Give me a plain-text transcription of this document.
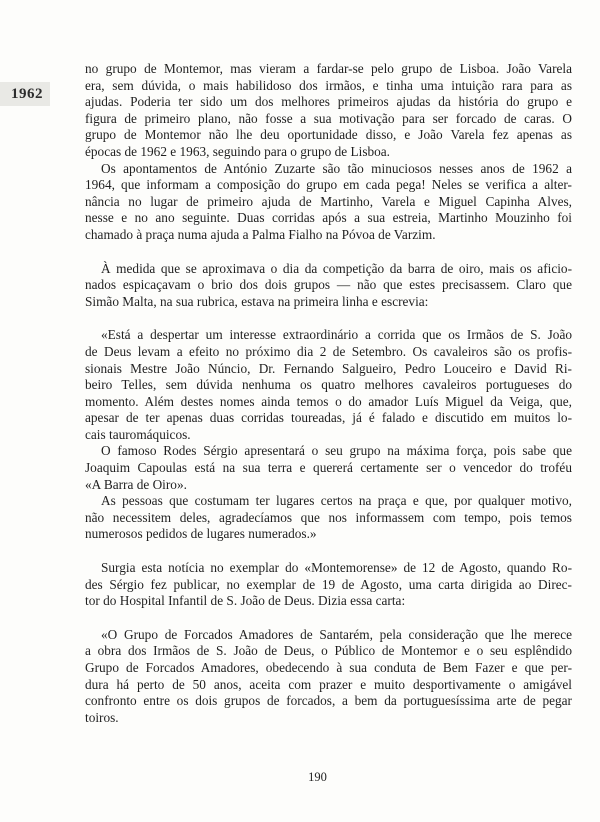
1962

no grupo de Montemor, mas vieram a fardar-se pelo grupo de Lisboa. João Varela
era, sem dúvida, o mais habilidoso dos irmãos, e tinha uma intuição rara para as
ajudas. Poderia ter sido um dos melhores primeiros ajudas da história do grupo e
figura de primeiro plano, não fosse a sua motivação para ser forcado de caras. O
grupo de Montemor não lhe deu oportunidade disso, e João Varela fez apenas as
épocas de 1962 e 1963, seguindo para o grupo de Lisboa.

Os apontamentos de António Zuzarte são tão minuciosos nesses anos de 1962 a
1964, que informam a composição do grupo em cada pega! Neles se verifica a alter-
nância no lugar de primeiro ajuda de Martinho, Varela e Miguel Capinha Alves,
nesse e no ano seguinte. Duas corridas após a sua estreia, Martinho Mouzinho foi
chamado à praça numa ajuda a Palma Fialho na Póvoa de Varzim.

À medida que se aproximava o dia da competição da barra de oiro, mais os aficio-
nados espicaçavam o brio dos dois grupos — não que estes precisassem. Claro que
Simão Malta, na sua rubrica, estava na primeira linha e escrevia:

«Está a despertar um interesse extraordinário a corrida que os Irmãos de S. João
de Deus levam a efeito no próximo dia 2 de Setembro. Os cavaleiros são os profis-
sionais Mestre João Núncio, Dr. Fernando Salgueiro, Pedro Louceiro e David Ri-
beiro Telles, sem dúvida nenhuma os quatro melhores cavaleiros portugueses do
momento. Além destes nomes ainda temos o do amador Luís Miguel da Veiga, que,
apesar de ter apenas duas corridas toureadas, já é falado e discutido em muitos lo-
cais tauromáquicos.

O famoso Rodes Sérgio apresentará o seu grupo na máxima força, pois sabe que
Joaquim Capoulas está na sua terra e quererá certamente ser o vencedor do troféu
«A Barra de Oiro».

As pessoas que costumam ter lugares certos na praça e que, por qualquer motivo,
não necessitem deles, agradecíamos que nos informassem com tempo, pois temos
numerosos pedidos de lugares numerados.»

Surgia esta notícia no exemplar do «Montemorense» de 12 de Agosto, quando Ro-
des Sérgio fez publicar, no exemplar de 19 de Agosto, uma carta dirigida ao Direc-
tor do Hospital Infantil de S. João de Deus. Dizia essa carta:

«O Grupo de Forcados Amadores de Santarém, pela consideração que lhe merece
a obra dos Irmãos de S. João de Deus, o Público de Montemor e o seu esplêndido
Grupo de Forcados Amadores, obedecendo à sua conduta de Bem Fazer e que per-
dura há perto de 50 anos, aceita com prazer e muito desportivamente o amigável
confronto entre os dois grupos de forcados, a bem da portuguesíssima arte de pegar
toiros.

190
